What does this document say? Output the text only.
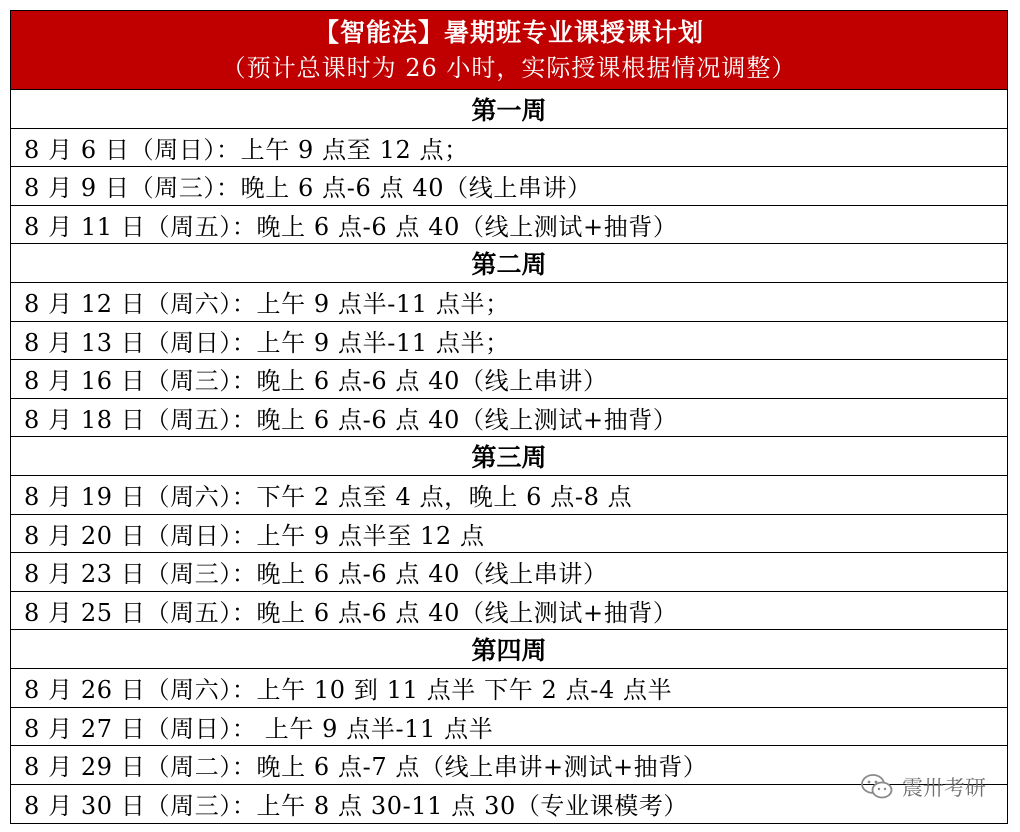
【智能法】暑期班专业课授课计划
（预计总课时为 26 小时，实际授课根据情况调整）
第一周
8 月 6 日（周日）：上午 9 点至 12 点；
8 月 9 日（周三）：晚上 6 点-6 点 40（线上串讲）
8 月 11 日（周五）：晚上 6 点-6 点 40（线上测试+抽背）
第二周
8 月 12 日（周六）：上午 9 点半-11 点半；
8 月 13 日（周日）：上午 9 点半-11 点半；
8 月 16 日（周三）：晚上 6 点-6 点 40（线上串讲）
8 月 18 日（周五）：晚上 6 点-6 点 40（线上测试+抽背）
第三周
8 月 19 日（周六）：下午 2 点至 4 点，晚上 6 点-8 点
8 月 20 日（周日）：上午 9 点半至 12 点
8 月 23 日（周三）：晚上 6 点-6 点 40（线上串讲）
8 月 25 日（周五）：晚上 6 点-6 点 40（线上测试+抽背）
第四周
8 月 26 日（周六）：上午 10 到 11 点半 下午 2 点-4 点半
8 月 27 日（周日）： 上午 9 点半-11 点半
8 月 29 日（周二）：晚上 6 点-7 点（线上串讲+测试+抽背）
8 月 30 日（周三）：上午 8 点 30-11 点 30（专业课模考）
震卅考研
